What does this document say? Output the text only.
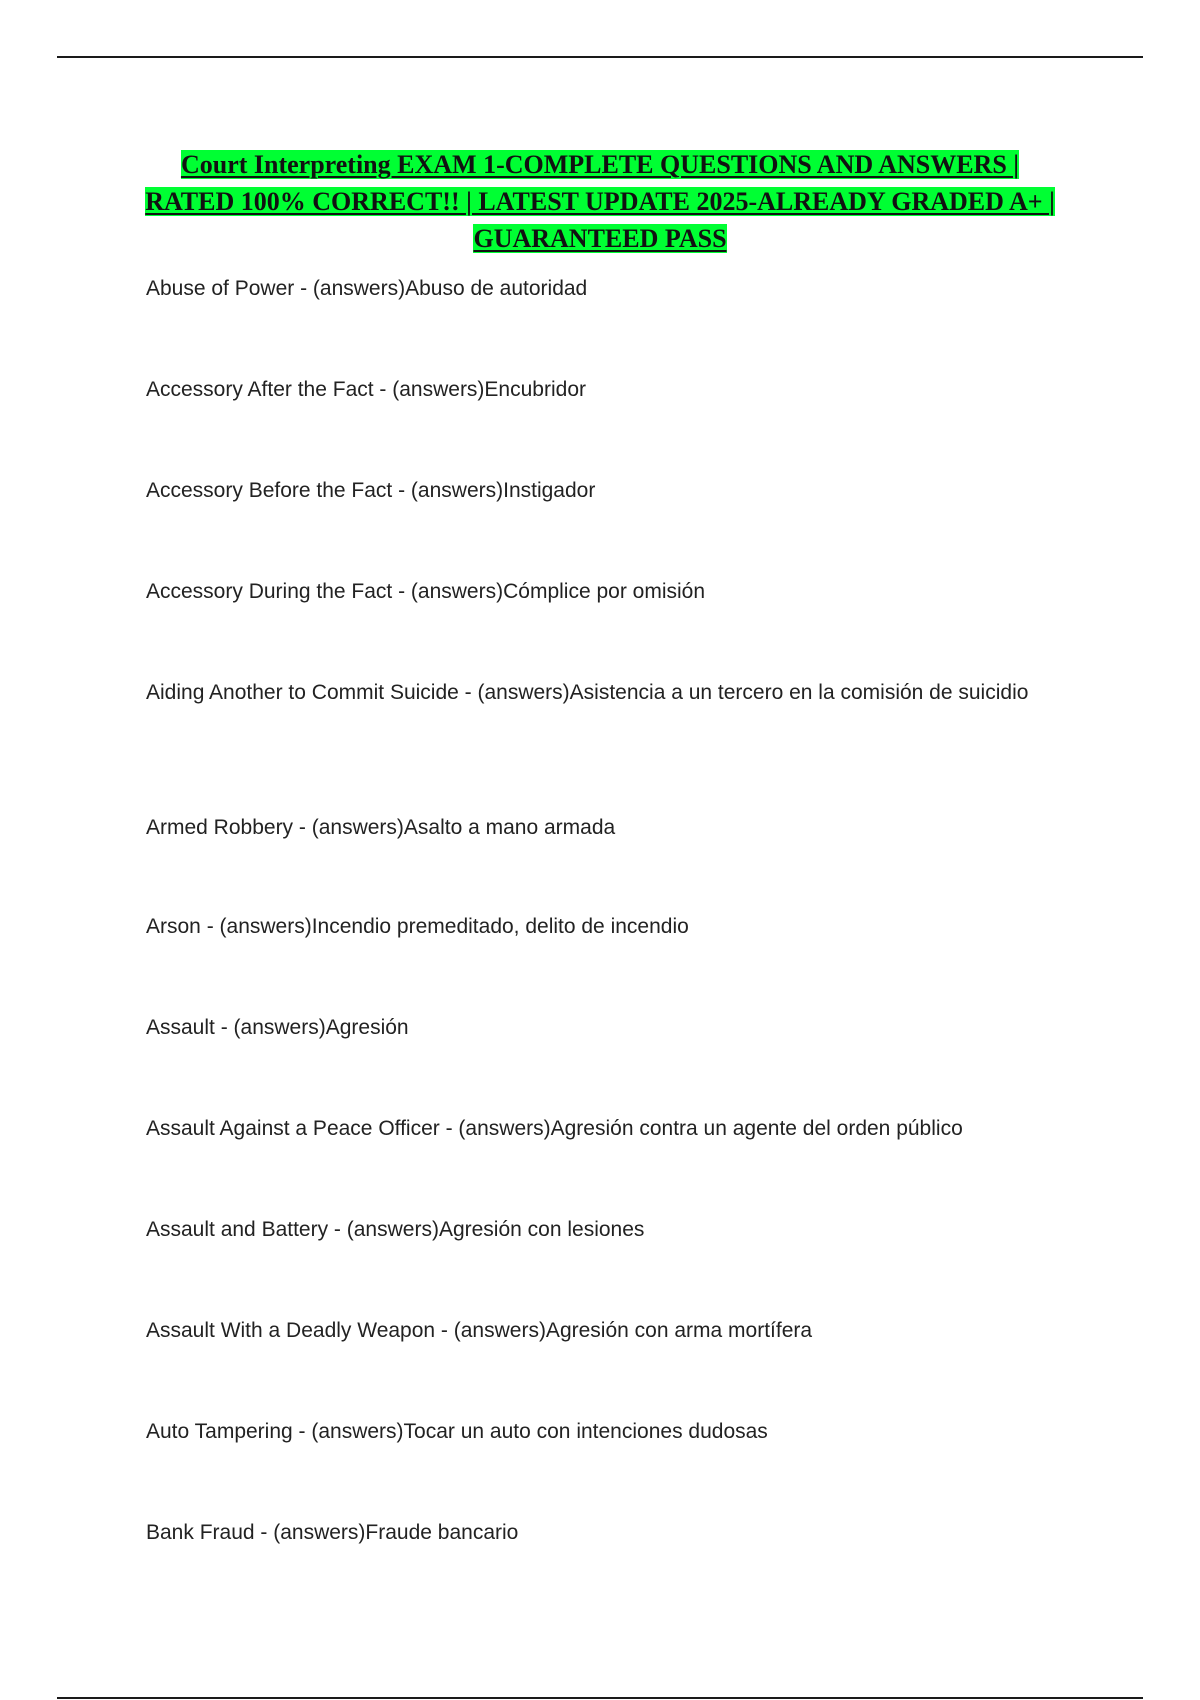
Court Interpreting EXAM 1-COMPLETE QUESTIONS AND ANSWERS | RATED 100% CORRECT!! | LATEST UPDATE 2025-ALREADY GRADED A+ | GUARANTEED PASS

Abuse of Power - (answers)Abuso de autoridad

Accessory After the Fact - (answers)Encubridor

Accessory Before the Fact - (answers)Instigador

Accessory During the Fact - (answers)Cómplice por omisión

Aiding Another to Commit Suicide - (answers)Asistencia a un tercero en la comisión de suicidio

Armed Robbery - (answers)Asalto a mano armada

Arson - (answers)Incendio premeditado, delito de incendio

Assault - (answers)Agresión

Assault Against a Peace Officer - (answers)Agresión contra un agente del orden público

Assault and Battery - (answers)Agresión con lesiones

Assault With a Deadly Weapon - (answers)Agresión con arma mortífera

Auto Tampering - (answers)Tocar un auto con intenciones dudosas

Bank Fraud - (answers)Fraude bancario
